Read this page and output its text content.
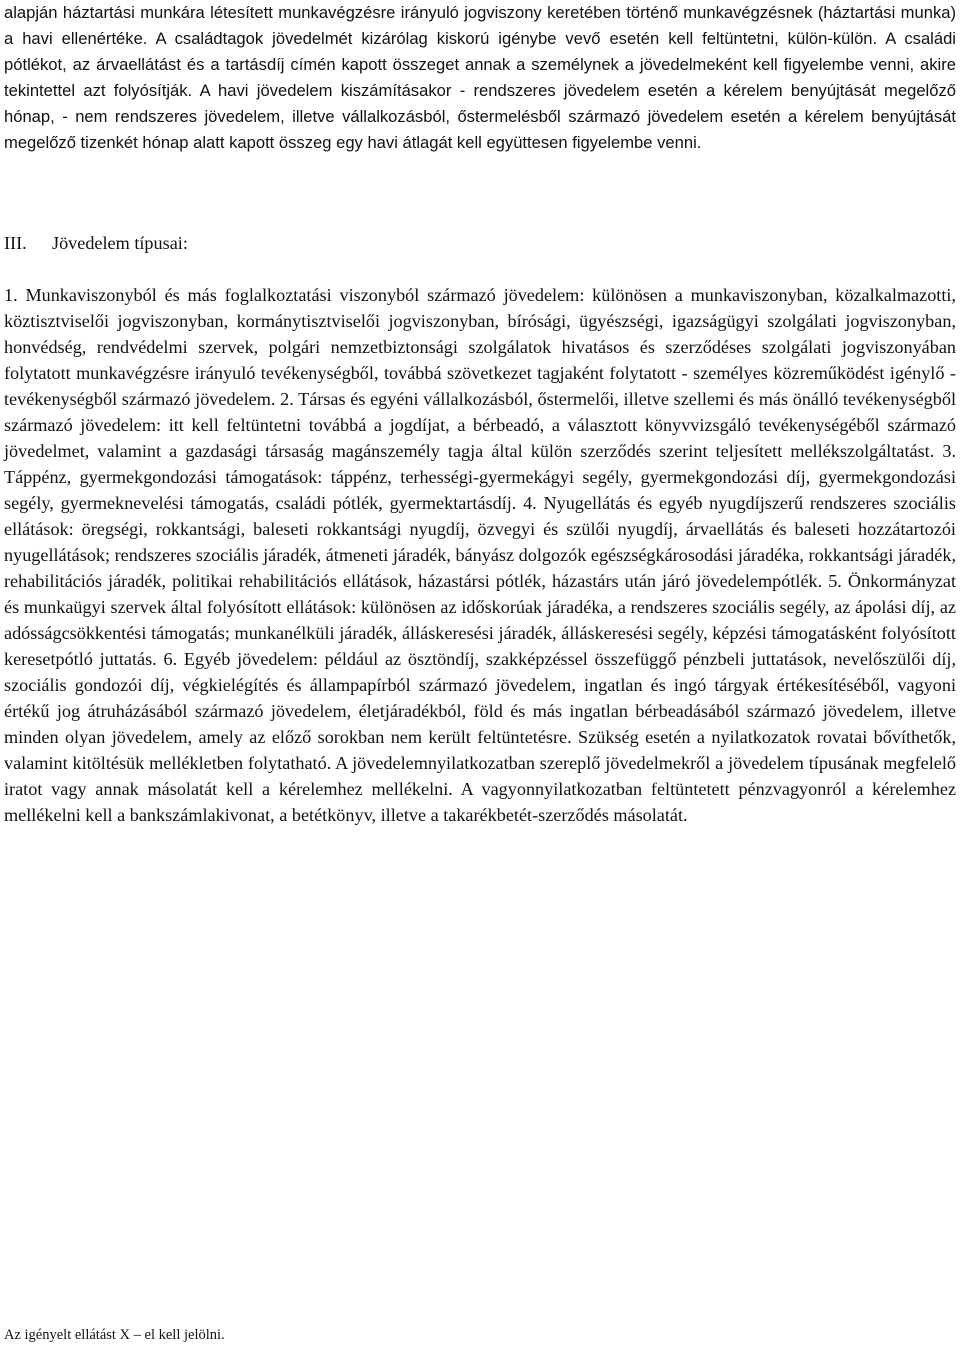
alapján háztartási munkára létesített munkavégzésre irányuló jogviszony keretében történő munkavégzésnek (háztartási munka) a havi ellenértéke. A családtagok jövedelmét kizárólag kiskorú igénybe vevő esetén kell feltüntetni, külön-külön. A családi pótlékot, az árvaellátást és a tartásdíj címén kapott összeget annak a személynek a jövedelmeként kell figyelembe venni, akire tekintettel azt folyósítják. A havi jövedelem kiszámításakor - rendszeres jövedelem esetén a kérelem benyújtását megelőző hónap, - nem rendszeres jövedelem, illetve vállalkozásból, őstermelésből származó jövedelem esetén a kérelem benyújtását megelőző tizenkét hónap alatt kapott összeg egy havi átlagát kell együttesen figyelembe venni.

III. Jövedelem típusai:

1. Munkaviszonyból és más foglalkoztatási viszonyból származó jövedelem: különösen a munkaviszonyban, közalkalmazotti, köztisztviselői jogviszonyban, kormánytisztviselői jogviszonyban, bírósági, ügyészségi, igazságügyi szolgálati jogviszonyban, honvédség, rendvédelmi szervek, polgári nemzetbiztonsági szolgálatok hivatásos és szerződéses szolgálati jogviszonyában folytatott munkavégzésre irányuló tevékenységből, továbbá szövetkezet tagjaként folytatott - személyes közreműködést igénylő - tevékenységből származó jövedelem. 2. Társas és egyéni vállalkozásból, őstermelői, illetve szellemi és más önálló tevékenységből származó jövedelem: itt kell feltüntetni továbbá a jogdíjat, a bérbeadó, a választott könyvvizsgáló tevékenységéből származó jövedelmet, valamint a gazdasági társaság magánszemély tagja által külön szerződés szerint teljesített mellékszolgáltatást. 3. Táppénz, gyermekgondozási támogatások: táppénz, terhességi-gyermekágyi segély, gyermekgondozási díj, gyermekgondozási segély, gyermeknevelési támogatás, családi pótlék, gyermektartásdíj. 4. Nyugellátás és egyéb nyugdíjszerű rendszeres szociális ellátások: öregségi, rokkantsági, baleseti rokkantsági nyugdíj, özvegyi és szülői nyugdíj, árvaellátás és baleseti hozzátartozói nyugellátások; rendszeres szociális járadék, átmeneti járadék, bányász dolgozók egészségkárosodási járadéka, rokkantsági járadék, rehabilitációs járadék, politikai rehabilitációs ellátások, házastársi pótlék, házastárs után járó jövedelempótlék. 5. Önkormányzat és munkaügyi szervek által folyósított ellátások: különösen az időskorúak járadéka, a rendszeres szociális segély, az ápolási díj, az adósságcsökkentési támogatás; munkanélküli járadék, álláskeresési járadék, álláskeresési segély, képzési támogatásként folyósított keresetpótló juttatás. 6. Egyéb jövedelem: például az ösztöndíj, szakképzéssel összefüggő pénzbeli juttatások, nevelőszülői díj, szociális gondozói díj, végkielégítés és állampapírból származó jövedelem, ingatlan és ingó tárgyak értékesítéséből, vagyoni értékű jog átruházásából származó jövedelem, életjáradékból, föld és más ingatlan bérbeadásából származó jövedelem, illetve minden olyan jövedelem, amely az előző sorokban nem került feltüntetésre. Szükség esetén a nyilatkozatok rovatai bővíthetők, valamint kitöltésük mellékletben folytatható. A jövedelemnyilatkozatban szereplő jövedelmekről a jövedelem típusának megfelelő iratot vagy annak másolatát kell a kérelemhez mellékelni. A vagyonnyilatkozatban feltüntetett pénzvagyonról a kérelemhez mellékelni kell a bankszámlakivonat, a betétkönyv, illetve a takarékbetét-szerződés másolatát.

Az igényelt ellátást X – el kell jelölni.
